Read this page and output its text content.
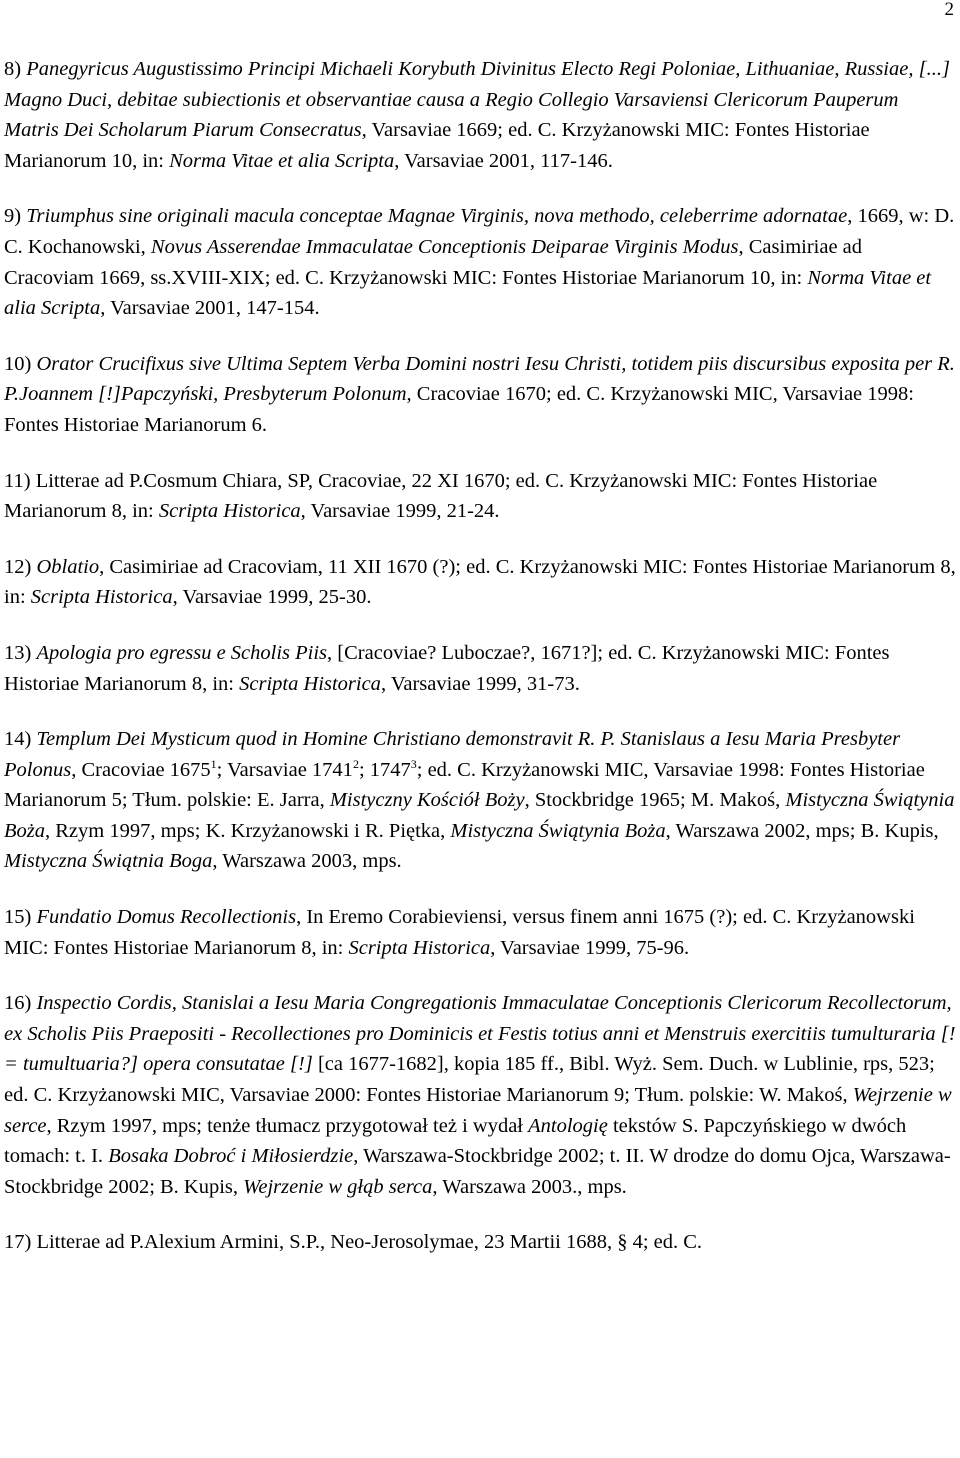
2

8) Panegyricus Augustissimo Principi Michaeli Korybuth Divinitus Electo Regi Poloniae, Lithuaniae, Russiae, [...] Magno Duci, debitae subiectionis et observantiae causa a Regio Collegio Varsaviensi Clericorum Pauperum Matris Dei Scholarum Piarum Consecratus, Varsaviae 1669; ed. C. Krzyżanowski MIC: Fontes Historiae Marianorum 10, in: Norma Vitae et alia Scripta, Varsaviae 2001, 117-146.

9) Triumphus sine originali macula conceptae Magnae Virginis, nova methodo, celeberrime adornatae, 1669, w: D. C. Kochanowski, Novus Asserendae Immaculatae Conceptionis Deiparae Virginis Modus, Casimiriae ad Cracoviam 1669, ss.XVIII-XIX; ed. C. Krzyżanowski MIC: Fontes Historiae Marianorum 10, in: Norma Vitae et alia Scripta, Varsaviae 2001, 147-154.

10) Orator Crucifixus sive Ultima Septem Verba Domini nostri Iesu Christi, totidem piis discursibus exposita per R. P.Joannem [!]Papczyński, Presbyterum Polonum, Cracoviae 1670; ed. C. Krzyżanowski MIC, Varsaviae 1998: Fontes Historiae Marianorum 6.

11) Litterae ad P.Cosmum Chiara, SP, Cracoviae, 22 XI 1670; ed. C. Krzyżanowski MIC: Fontes Historiae Marianorum 8, in: Scripta Historica, Varsaviae 1999, 21-24.

12) Oblatio, Casimiriae ad Cracoviam, 11 XII 1670 (?); ed. C. Krzyżanowski MIC: Fontes Historiae Marianorum 8, in: Scripta Historica, Varsaviae 1999, 25-30.

13) Apologia pro egressu e Scholis Piis, [Cracoviae? Luboczae?, 1671?]; ed. C. Krzyżanowski MIC: Fontes Historiae Marianorum 8, in: Scripta Historica, Varsaviae 1999, 31-73.

14) Templum Dei Mysticum quod in Homine Christiano demonstravit R. P. Stanislaus a Iesu Maria Presbyter Polonus, Cracoviae 1675$^1$; Varsaviae 1741$^2$; 1747$^3$; ed. C. Krzyżanowski MIC, Varsaviae 1998: Fontes Historiae Marianorum 5; Tłum. polskie: E. Jarra, Mistyczny Kościół Boży, Stockbridge 1965; M. Makoś, Mistyczna Świątynia Boża, Rzym 1997, mps; K. Krzyżanowski i R. Piętka, Mistyczna Świątynia Boża, Warszawa 2002, mps; B. Kupis, Mistyczna Świątnia Boga, Warszawa 2003, mps.

15) Fundatio Domus Recollectionis, In Eremo Corabieviensi, versus finem anni 1675 (?); ed. C. Krzyżanowski MIC: Fontes Historiae Marianorum 8, in: Scripta Historica, Varsaviae 1999, 75-96.

16) Inspectio Cordis, Stanislai a Iesu Maria Congregationis Immaculatae Conceptionis Clericorum Recollectorum, ex Scholis Piis Praepositi - Recollectiones pro Dominicis et Festis totius anni et Menstruis exercitiis tumulturaria [! = tumultuaria?] opera consutatae [!] [ca 1677-1682], kopia 185 ff., Bibl. Wyż. Sem. Duch. w Lublinie, rps, 523; ed. C. Krzyżanowski MIC, Varsaviae 2000: Fontes Historiae Marianorum 9; Tłum. polskie: W. Makoś, Wejrzenie w serce, Rzym 1997, mps; tenże tłumacz przygotował też i wydał Antologię tekstów S. Papczyńskiego w dwóch tomach: t. I. Bosaka Dobroć i Miłosierdzie, Warszawa-Stockbridge 2002; t. II. W drodze do domu Ojca, Warszawa-Stockbridge 2002; B. Kupis, Wejrzenie w głąb serca, Warszawa 2003., mps.

17) Litterae ad P.Alexium Armini, S.P., Neo-Jerosolymae, 23 Martii 1688, § 4; ed. C.
